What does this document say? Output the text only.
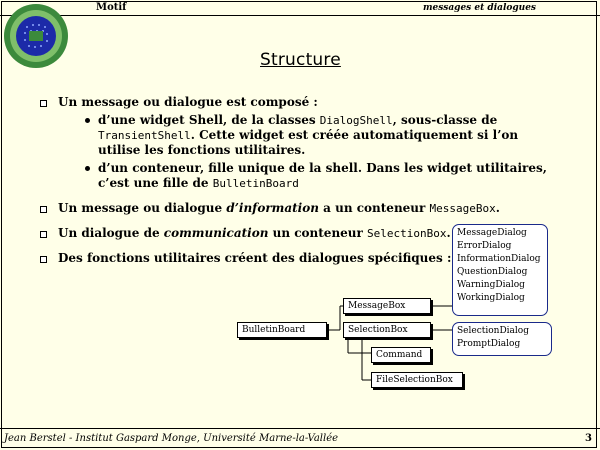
Motif	messages et dialogues
Structure
Un message ou dialogue est composé :
d’une widget Shell, de la classes DialogShell, sous-classe de TransientShell. Cette widget est créée automatiquement si l’on utilise les fonctions utilitaires.
d’un conteneur, fille unique de la shell. Dans les widget utilitaires, c’est une fille de BulletinBoard
Un message ou dialogue d’information a un conteneur MessageBox.
Un dialogue de communication un conteneur SelectionBox.
Des fonctions utilitaires créent des dialogues spécifiques :
BulletinBoard
MessageBox
SelectionBox
Command
FileSelectionBox
MessageDialog
ErrorDialog
InformationDialog
QuestionDialog
WarningDialog
WorkingDialog
SelectionDialog
PromptDialog
Jean Berstel - Institut Gaspard Monge, Université Marne-la-Vallée	3
